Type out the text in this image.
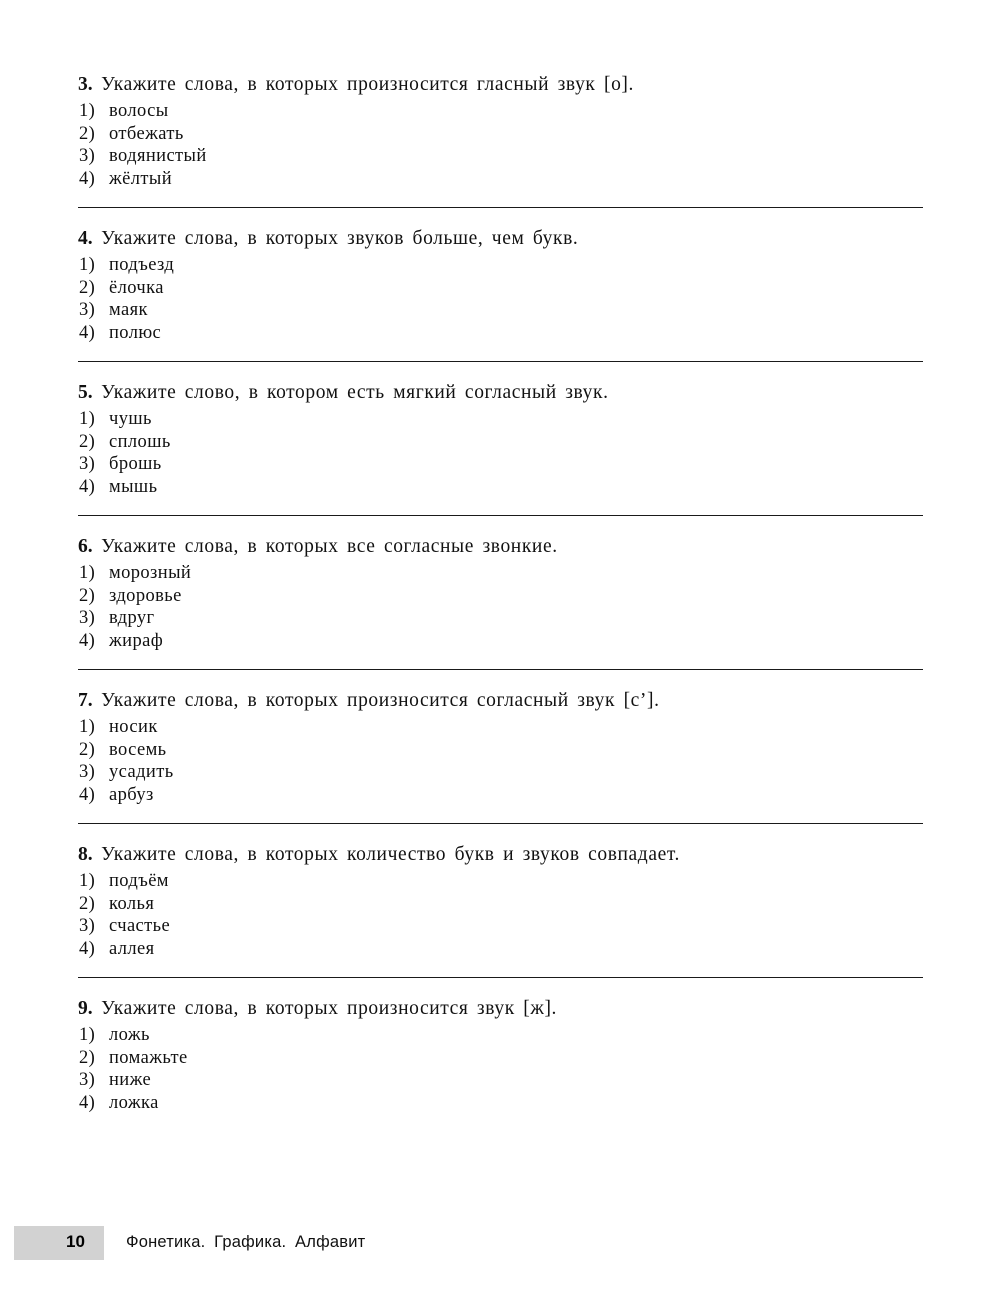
3. Укажите слова, в которых произносится гласный звук [о].
1) волосы
2) отбежать
3) водянистый
4) жёлтый
4. Укажите слова, в которых звуков больше, чем букв.
1) подъезд
2) ёлочка
3) маяк
4) полюс
5. Укажите слово, в котором есть мягкий согласный звук.
1) чушь
2) сплошь
3) брошь
4) мышь
6. Укажите слова, в которых все согласные звонкие.
1) морозный
2) здоровье
3) вдруг
4) жираф
7. Укажите слова, в которых произносится согласный звук [с’].
1) носик
2) восемь
3) усадить
4) арбуз
8. Укажите слова, в которых количество букв и звуков совпадает.
1) подъём
2) колья
3) счастье
4) аллея
9. Укажите слова, в которых произносится звук [ж].
1) ложь
2) помажьте
3) ниже
4) ложка
10 Фонетика. Графика. Алфавит
